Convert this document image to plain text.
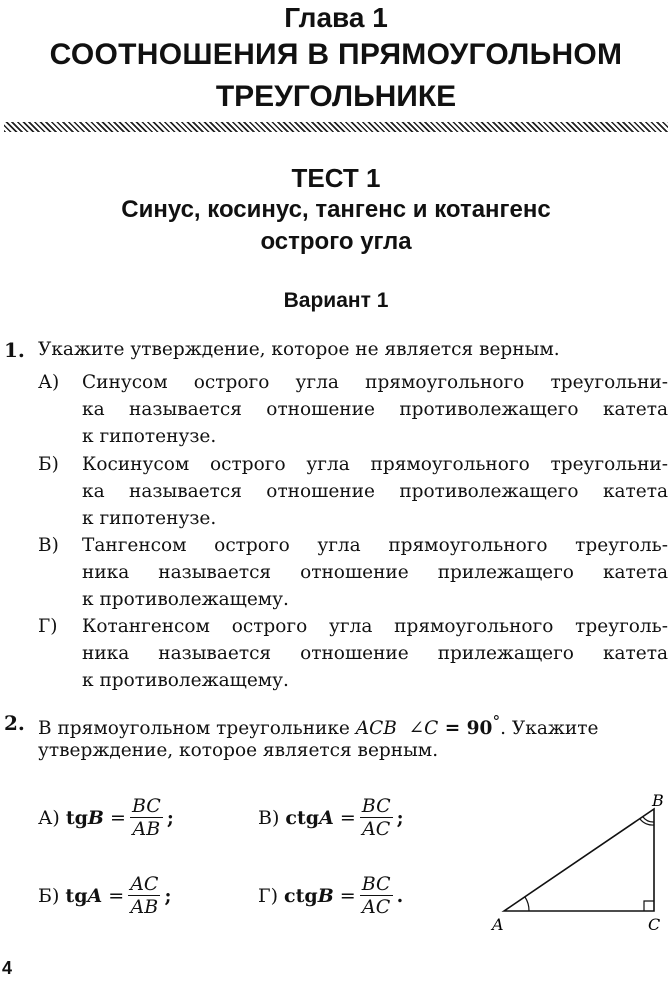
Глава 1
СООТНОШЕНИЯ В ПРЯМОУГОЛЬНОМ
ТРЕУГОЛЬНИКЕ
ТЕСТ 1
Синус, косинус, тангенс и котангенс
острого угла
Вариант 1
1. Укажите утверждение, которое не является верным.
А) Синусом острого угла прямоугольного треугольни-
ка называется отношение противолежащего катета
к гипотенузе.
Б) Косинусом острого угла прямоугольного треугольни-
ка называется отношение противолежащего катета
к гипотенузе.
В) Тангенсом острого угла прямоугольного треуголь-
ника называется отношение прилежащего катета
к противолежащему.
Г) Котангенсом острого угла прямоугольного треуголь-
ника называется отношение прилежащего катета
к противолежащему.
2. В прямоугольном треугольнике ACB ∠C = 90°. Укажите
утверждение, которое является верным.
А)
tg $B = \frac{BC}{AB}$ ;	В)
ctg $A = \frac{BC}{AC}$ ;
Б)
tg $A = \frac{AC}{AB}$ ;	Г)
ctg $B = \frac{BC}{AC}$ .
A
B
C
4
